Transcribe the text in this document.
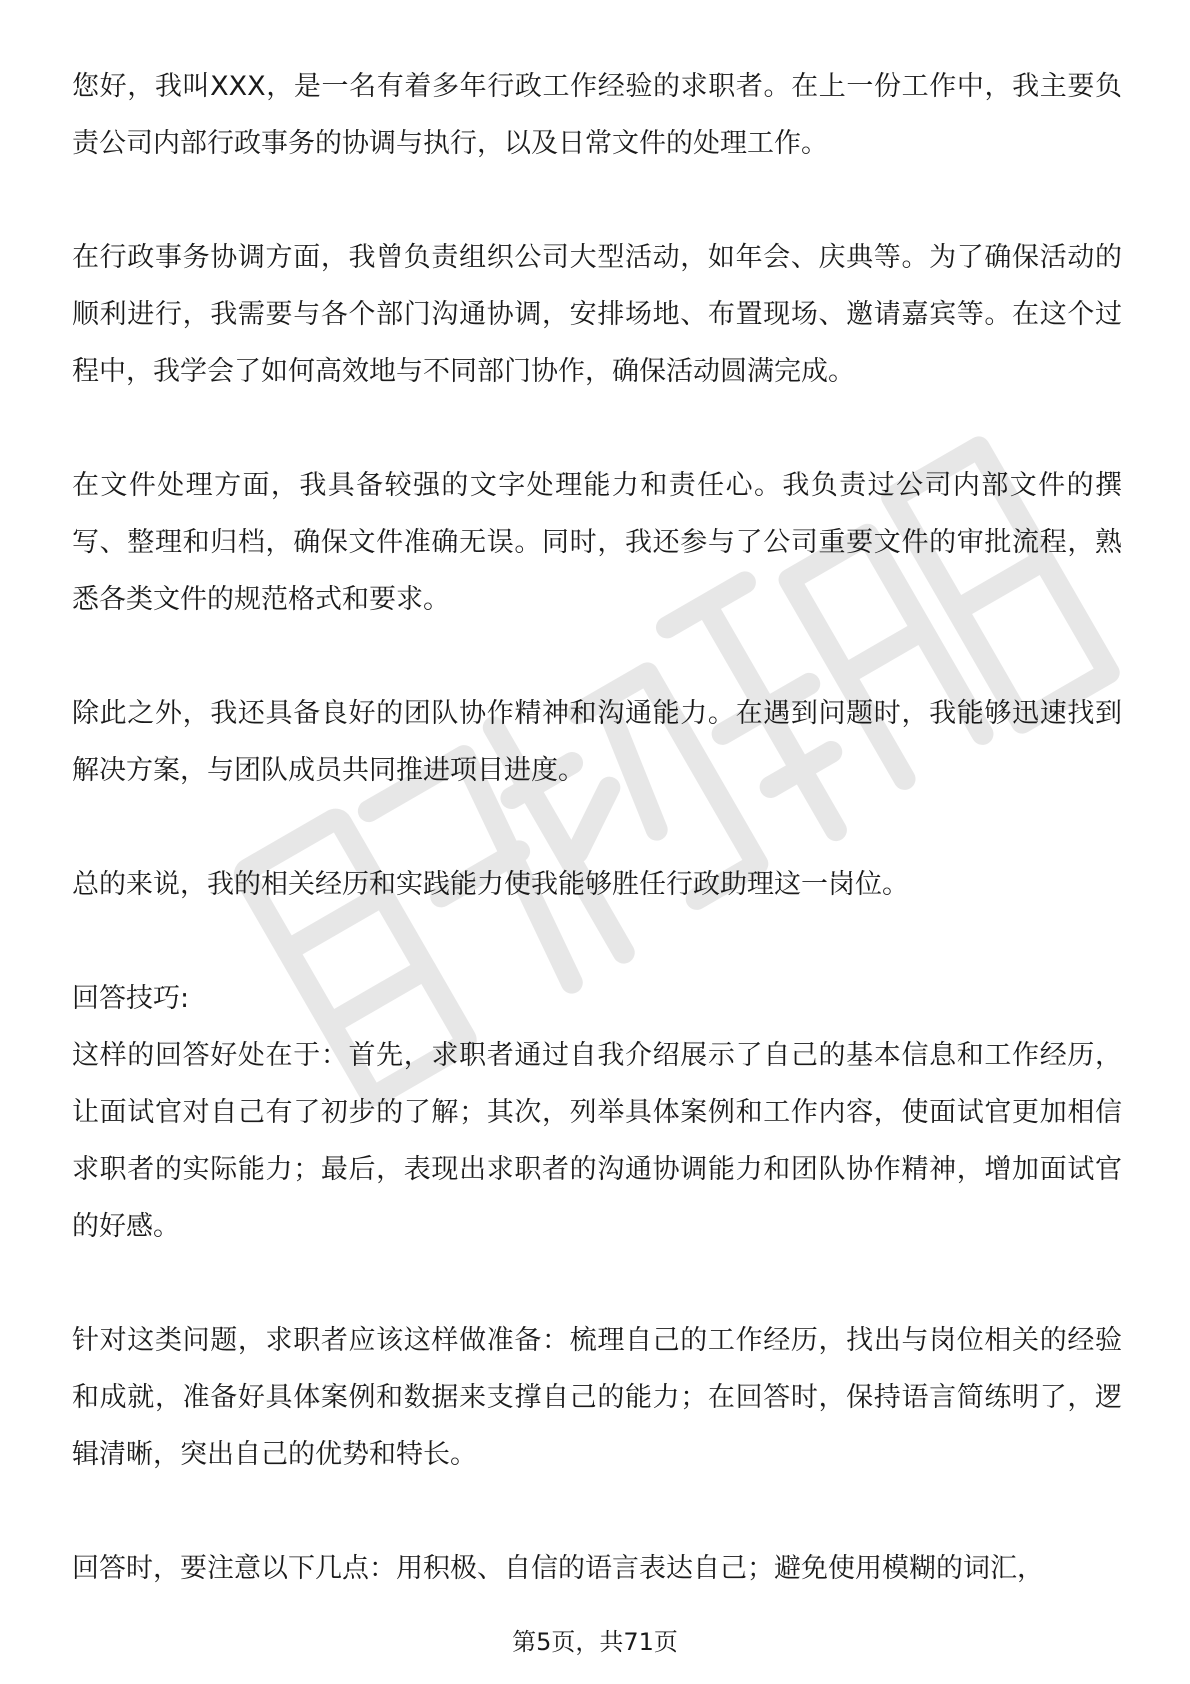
您好，我叫XXX，是一名有着多年行政工作经验的求职者。在上一份工作中，我主要负责公司内部行政事务的协调与执行，以及日常文件的处理工作。

在行政事务协调方面，我曾负责组织公司大型活动，如年会、庆典等。为了确保活动的顺利进行，我需要与各个部门沟通协调，安排场地、布置现场、邀请嘉宾等。在这个过程中，我学会了如何高效地与不同部门协作，确保活动圆满完成。

在文件处理方面，我具备较强的文字处理能力和责任心。我负责过公司内部文件的撰写、整理和归档，确保文件准确无误。同时，我还参与了公司重要文件的审批流程，熟悉各类文件的规范格式和要求。

除此之外，我还具备良好的团队协作精神和沟通能力。在遇到问题时，我能够迅速找到解决方案，与团队成员共同推进项目进度。

总的来说，我的相关经历和实践能力使我能够胜任行政助理这一岗位。

回答技巧:

这样的回答好处在于：首先，求职者通过自我介绍展示了自己的基本信息和工作经历，让面试官对自己有了初步的了解；其次，列举具体案例和工作内容，使面试官更加相信求职者的实际能力；最后，表现出求职者的沟通协调能力和团队协作精神，增加面试官的好感。

针对这类问题，求职者应该这样做准备：梳理自己的工作经历，找出与岗位相关的经验和成就，准备好具体案例和数据来支撑自己的能力；在回答时，保持语言简练明了，逻辑清晰，突出自己的优势和特长。

回答时，要注意以下几点：用积极、自信的语言表达自己；避免使用模糊的词汇，

第5页，共71页
